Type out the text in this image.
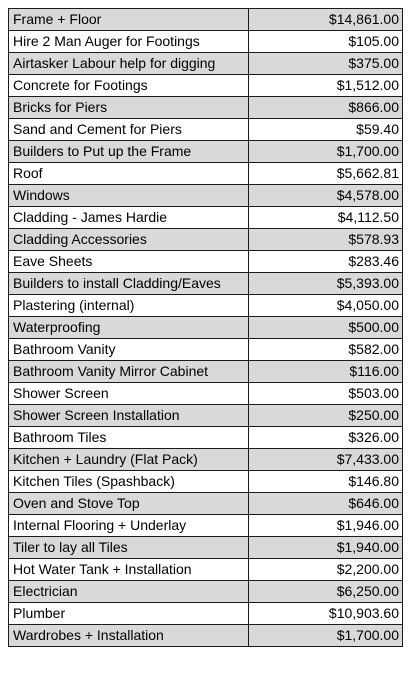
Frame + Floor	$14,861.00
Hire 2 Man Auger for Footings	$105.00
Airtasker Labour help for digging	$375.00
Concrete for Footings	$1,512.00
Bricks for Piers	$866.00
Sand and Cement for Piers	$59.40
Builders to Put up the Frame	$1,700.00
Roof	$5,662.81
Windows	$4,578.00
Cladding - James Hardie	$4,112.50
Cladding Accessories	$578.93
Eave Sheets	$283.46
Builders to install Cladding/Eaves	$5,393.00
Plastering (internal)	$4,050.00
Waterproofing	$500.00
Bathroom Vanity	$582.00
Bathroom Vanity Mirror Cabinet	$116.00
Shower Screen	$503.00
Shower Screen Installation	$250.00
Bathroom Tiles	$326.00
Kitchen + Laundry (Flat Pack)	$7,433.00
Kitchen Tiles (Spashback)	$146.80
Oven and Stove Top	$646.00
Internal Flooring + Underlay	$1,946.00
Tiler to lay all Tiles	$1,940.00
Hot Water Tank + Installation	$2,200.00
Electrician	$6,250.00
Plumber	$10,903.60
Wardrobes + Installation	$1,700.00
